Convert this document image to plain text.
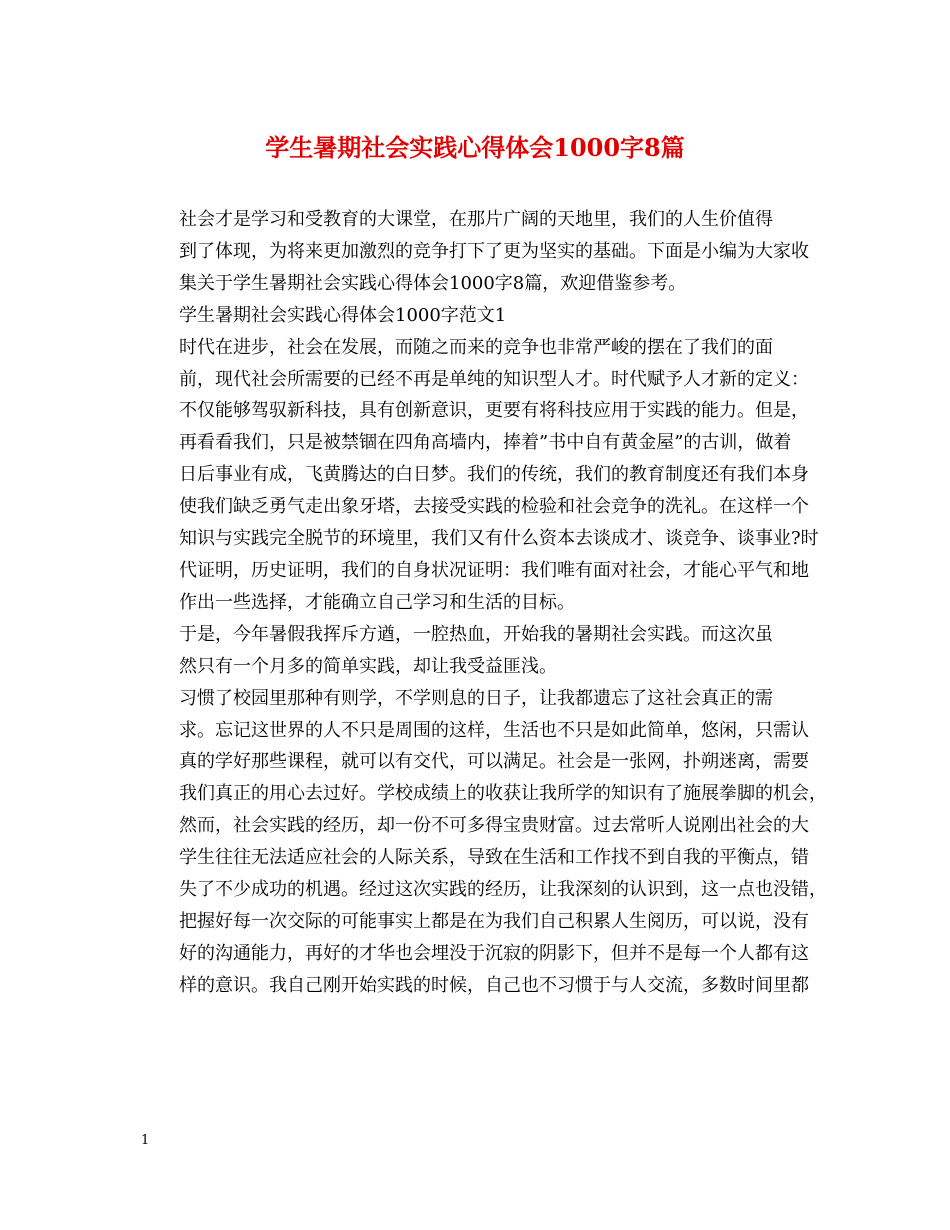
学生暑期社会实践心得体会1000字8篇

社会才是学习和受教育的大课堂，在那片广阔的天地里，我们的人生价值得
到了体现，为将来更加激烈的竞争打下了更为坚实的基础。下面是小编为大家收
集关于学生暑期社会实践心得体会1000字8篇，欢迎借鉴参考。

学生暑期社会实践心得体会1000字范文1

时代在进步，社会在发展，而随之而来的竞争也非常严峻的摆在了我们的面
前，现代社会所需要的已经不再是单纯的知识型人才。时代赋予人才新的定义：
不仅能够驾驭新科技，具有创新意识，更要有将科技应用于实践的能力。但是，
再看看我们，只是被禁锢在四角高墙内，捧着”书中自有黄金屋”的古训，做着
日后事业有成，飞黄腾达的白日梦。我们的传统，我们的教育制度还有我们本身
使我们缺乏勇气走出象牙塔，去接受实践的检验和社会竞争的洗礼。在这样一个
知识与实践完全脱节的环境里，我们又有什么资本去谈成才、谈竞争、谈事业?时
代证明，历史证明，我们的自身状况证明：我们唯有面对社会，才能心平气和地
作出一些选择，才能确立自己学习和生活的目标。

于是，今年暑假我挥斥方遒，一腔热血，开始我的暑期社会实践。而这次虽
然只有一个月多的简单实践，却让我受益匪浅。

习惯了校园里那种有则学，不学则息的日子，让我都遗忘了这社会真正的需
求。忘记这世界的人不只是周围的这样，生活也不只是如此简单，悠闲，只需认
真的学好那些课程，就可以有交代，可以满足。社会是一张网，扑朔迷离，需要
我们真正的用心去过好。学校成绩上的收获让我所学的知识有了施展拳脚的机会，
然而，社会实践的经历，却一份不可多得宝贵财富。过去常听人说刚出社会的大
学生往往无法适应社会的人际关系，导致在生活和工作找不到自我的平衡点，错
失了不少成功的机遇。经过这次实践的经历，让我深刻的认识到，这一点也没错，
把握好每一次交际的可能事实上都是在为我们自己积累人生阅历，可以说，没有
好的沟通能力，再好的才华也会埋没于沉寂的阴影下，但并不是每一个人都有这
样的意识。我自己刚开始实践的时候，自己也不习惯于与人交流，多数时间里都

1
